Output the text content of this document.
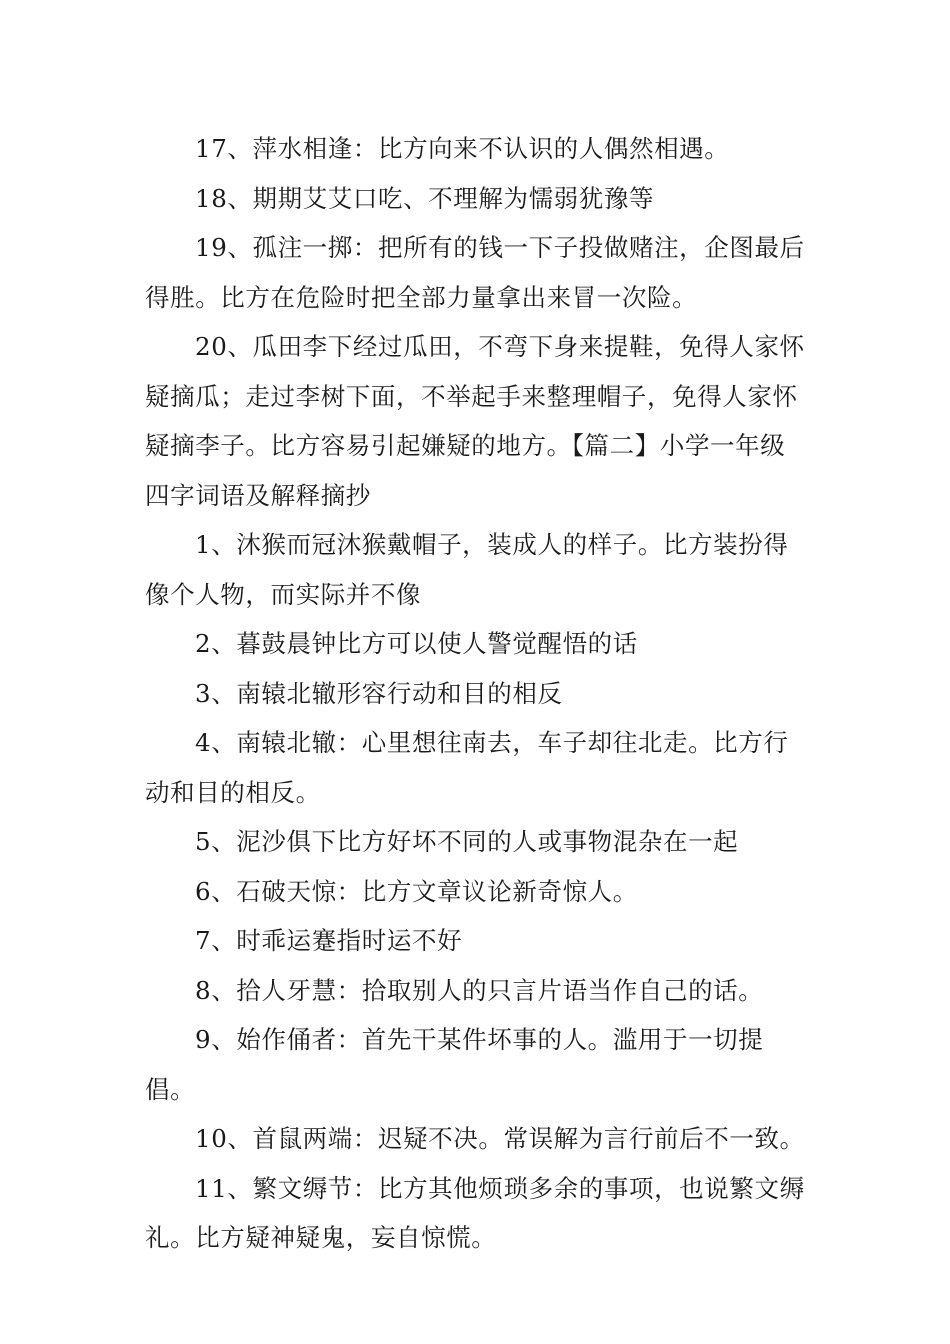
17、萍水相逢：比方向来不认识的人偶然相遇。

18、期期艾艾口吃、不理解为懦弱犹豫等

19、孤注一掷：把所有的钱一下子投做赌注，企图最后得胜。比方在危险时把全部力量拿出来冒一次险。

20、瓜田李下经过瓜田，不弯下身来提鞋，免得人家怀疑摘瓜；走过李树下面，不举起手来整理帽子，免得人家怀疑摘李子。比方容易引起嫌疑的地方。【篇二】小学一年级四字词语及解释摘抄

1、沐猴而冠沐猴戴帽子，装成人的样子。比方装扮得像个人物，而实际并不像

2、暮鼓晨钟比方可以使人警觉醒悟的话

3、南辕北辙形容行动和目的相反

4、南辕北辙：心里想往南去，车子却往北走。比方行动和目的相反。

5、泥沙俱下比方好坏不同的人或事物混杂在一起

6、石破天惊：比方文章议论新奇惊人。

7、时乖运蹇指时运不好

8、拾人牙慧：拾取别人的只言片语当作自己的话。

9、始作俑者：首先干某件坏事的人。滥用于一切提倡。

10、首鼠两端：迟疑不决。常误解为言行前后不一致。

11、繁文缛节：比方其他烦琐多余的事项，也说繁文缛礼。比方疑神疑鬼，妄自惊慌。
